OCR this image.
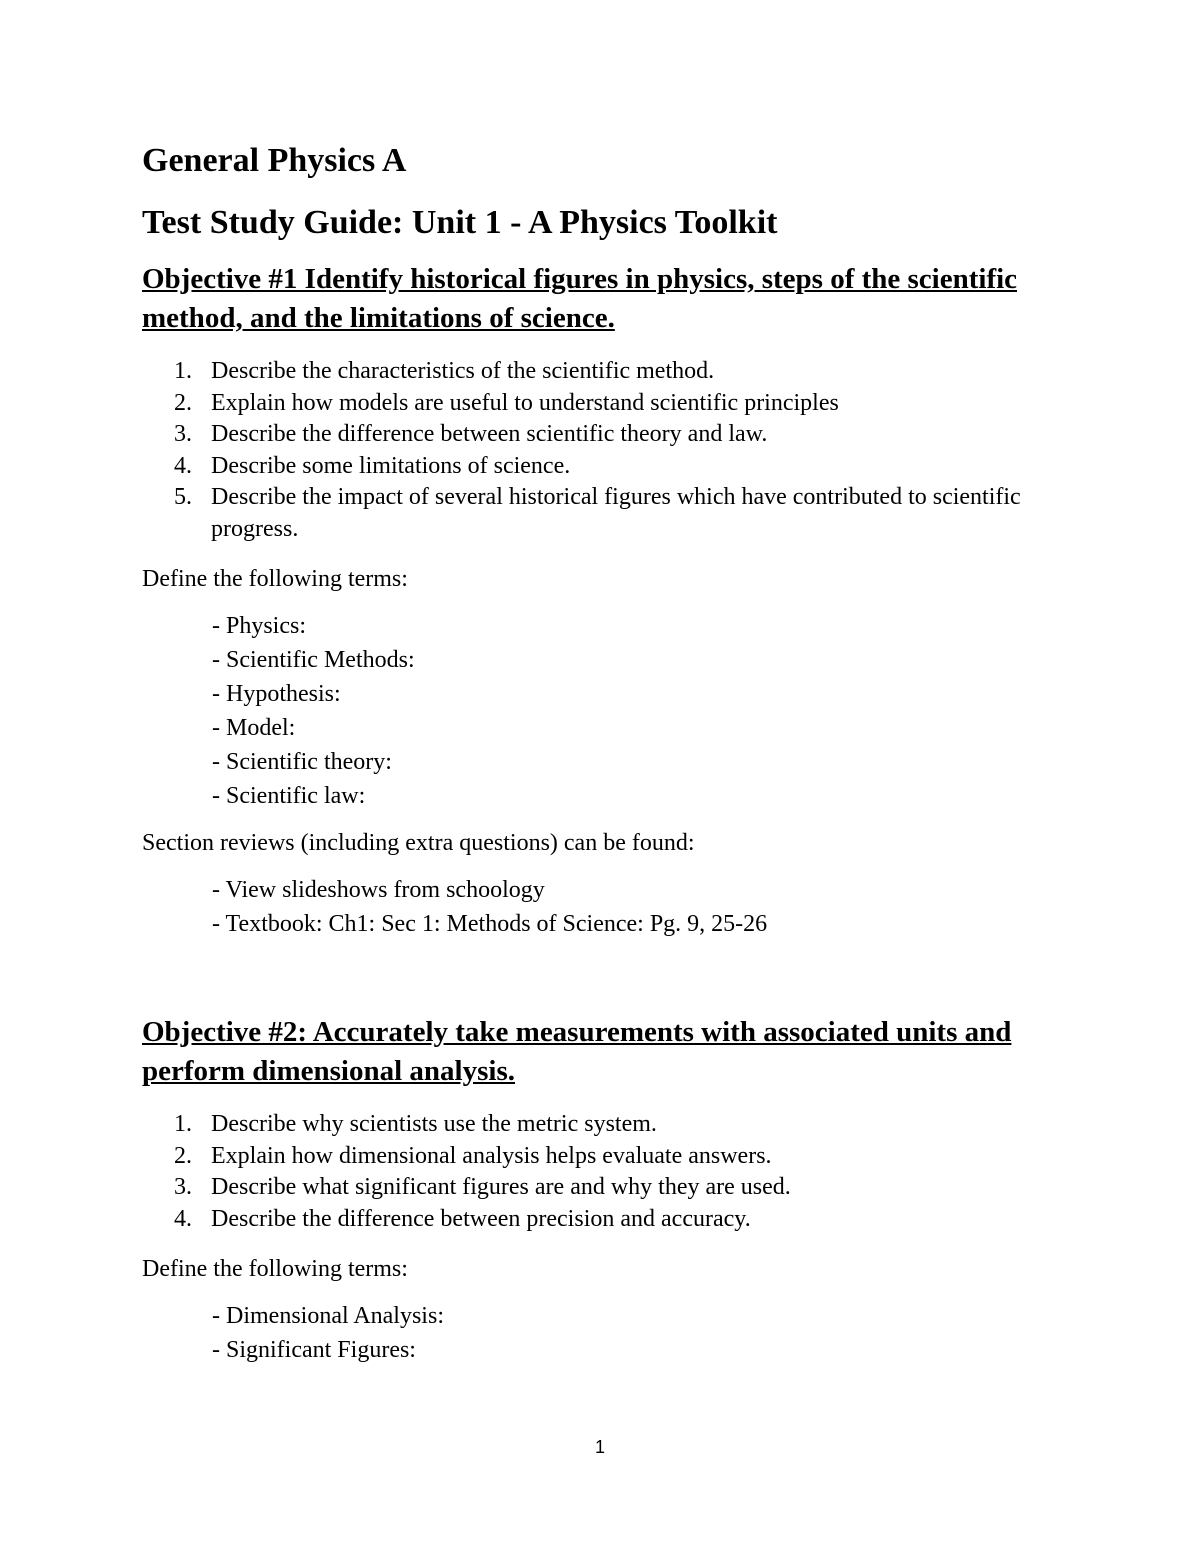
General Physics A
Test Study Guide: Unit 1 - A Physics Toolkit
Objective #1 Identify historical figures in physics, steps of the scientific method, and the limitations of science.
1. Describe the characteristics of the scientific method.
2. Explain how models are useful to understand scientific principles
3. Describe the difference between scientific theory and law.
4. Describe some limitations of science.
5. Describe the impact of several historical figures which have contributed to scientific progress.
Define the following terms:
- Physics:
- Scientific Methods:
- Hypothesis:
- Model:
- Scientific theory:
- Scientific law:
Section reviews (including extra questions) can be found:
- View slideshows from schoology
- Textbook: Ch1: Sec 1: Methods of Science: Pg. 9, 25-26
Objective #2: Accurately take measurements with associated units and perform dimensional analysis.
1. Describe why scientists use the metric system.
2. Explain how dimensional analysis helps evaluate answers.
3. Describe what significant figures are and why they are used.
4. Describe the difference between precision and accuracy.
Define the following terms:
- Dimensional Analysis:
- Significant Figures:
1
